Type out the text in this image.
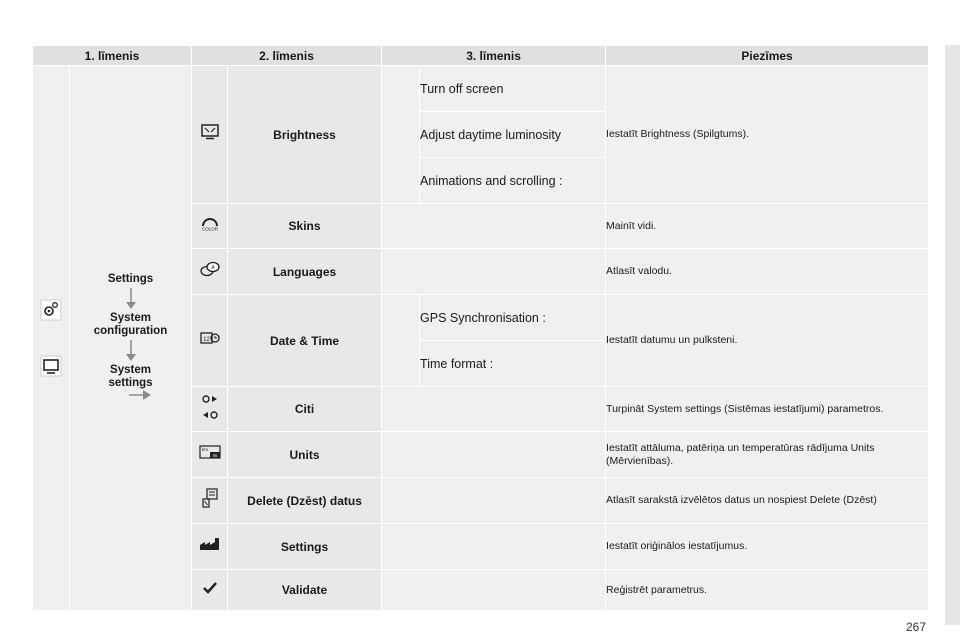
1. līmenis		2. līmenis		3. līmenis		Piezīmes

Settings
System configuration
System settings		Brightness		Turn off screen	Iestatīt Brightness (Spilgtums).
					Adjust daytime luminosity	
					Animations and scrolling :	

COLOR	Skins			Mainīt vidi.

A	Languages			Atlasīt valodu.

12	Date & Time		GPS Synchronisation :	Iestatīt datumu un pulksteni.
					Time format :	
	Citi			Turpināt System settings (Sistēmas iestatījumi) parametros.

km
mi	Units			Iestatīt attāluma, patēriņa un temperatūras rādījuma Units (Mērvienības).
	Delete (Dzēst) datus			Atlasīt sarakstā izvēlētos datus un nospiest Delete (Dzēst)
	Settings			Iestatīt oriģinālos iestatījumus.
	Validate			Reģistrēt parametrus.
267
